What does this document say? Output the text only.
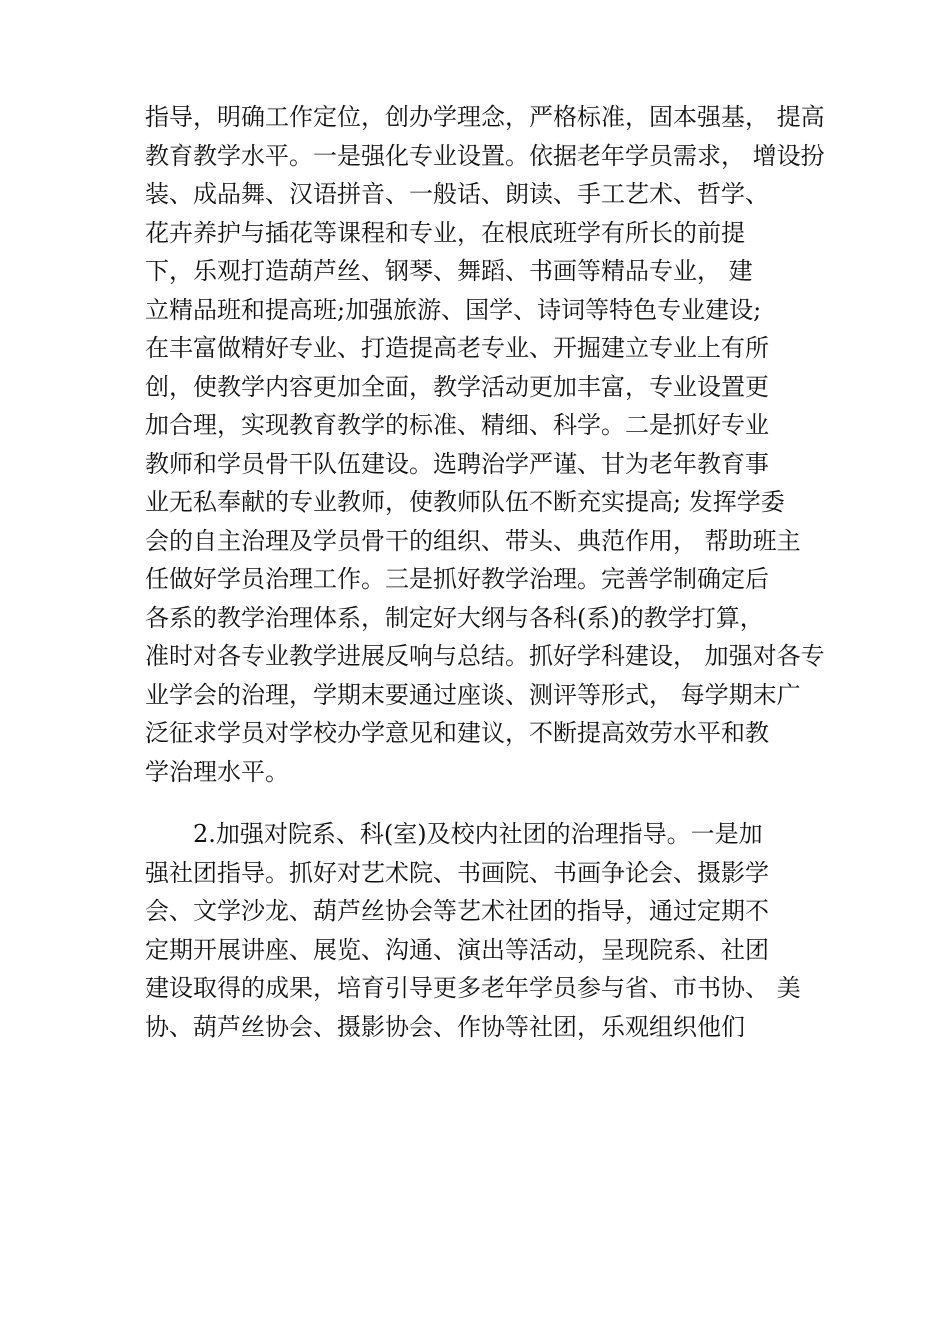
指导，明确工作定位，创办学理念，严格标准，固本强基， 提高
教育教学水平。一是强化专业设置。依据老年学员需求， 增设扮
装、成品舞、汉语拼音、一般话、朗读、手工艺术、哲学、
花卉养护与插花等课程和专业，在根底班学有所长的前提
下，乐观打造葫芦丝、钢琴、舞蹈、书画等精品专业， 建
立精品班和提高班;加强旅游、国学、诗词等特色专业建设;
在丰富做精好专业、打造提高老专业、开掘建立专业上有所
创，使教学内容更加全面，教学活动更加丰富，专业设置更
加合理，实现教育教学的标准、精细、科学。二是抓好专业
教师和学员骨干队伍建设。选聘治学严谨、甘为老年教育事
业无私奉献的专业教师，使教师队伍不断充实提高; 发挥学委
会的自主治理及学员骨干的组织、带头、典范作用， 帮助班主
任做好学员治理工作。三是抓好教学治理。完善学制确定后
各系的教学治理体系，制定好大纲与各科(系)的教学打算，
准时对各专业教学进展反响与总结。抓好学科建设， 加强对各专
业学会的治理，学期末要通过座谈、测评等形式， 每学期末广
泛征求学员对学校办学意见和建议，不断提高效劳水平和教
学治理水平。
2.加强对院系、科(室)及校内社团的治理指导。一是加
强社团指导。抓好对艺术院、书画院、书画争论会、摄影学
会、文学沙龙、葫芦丝协会等艺术社团的指导，通过定期不
定期开展讲座、展览、沟通、演出等活动，呈现院系、社团
建设取得的成果，培育引导更多老年学员参与省、市书协、 美
协、葫芦丝协会、摄影协会、作协等社团，乐观组织他们
